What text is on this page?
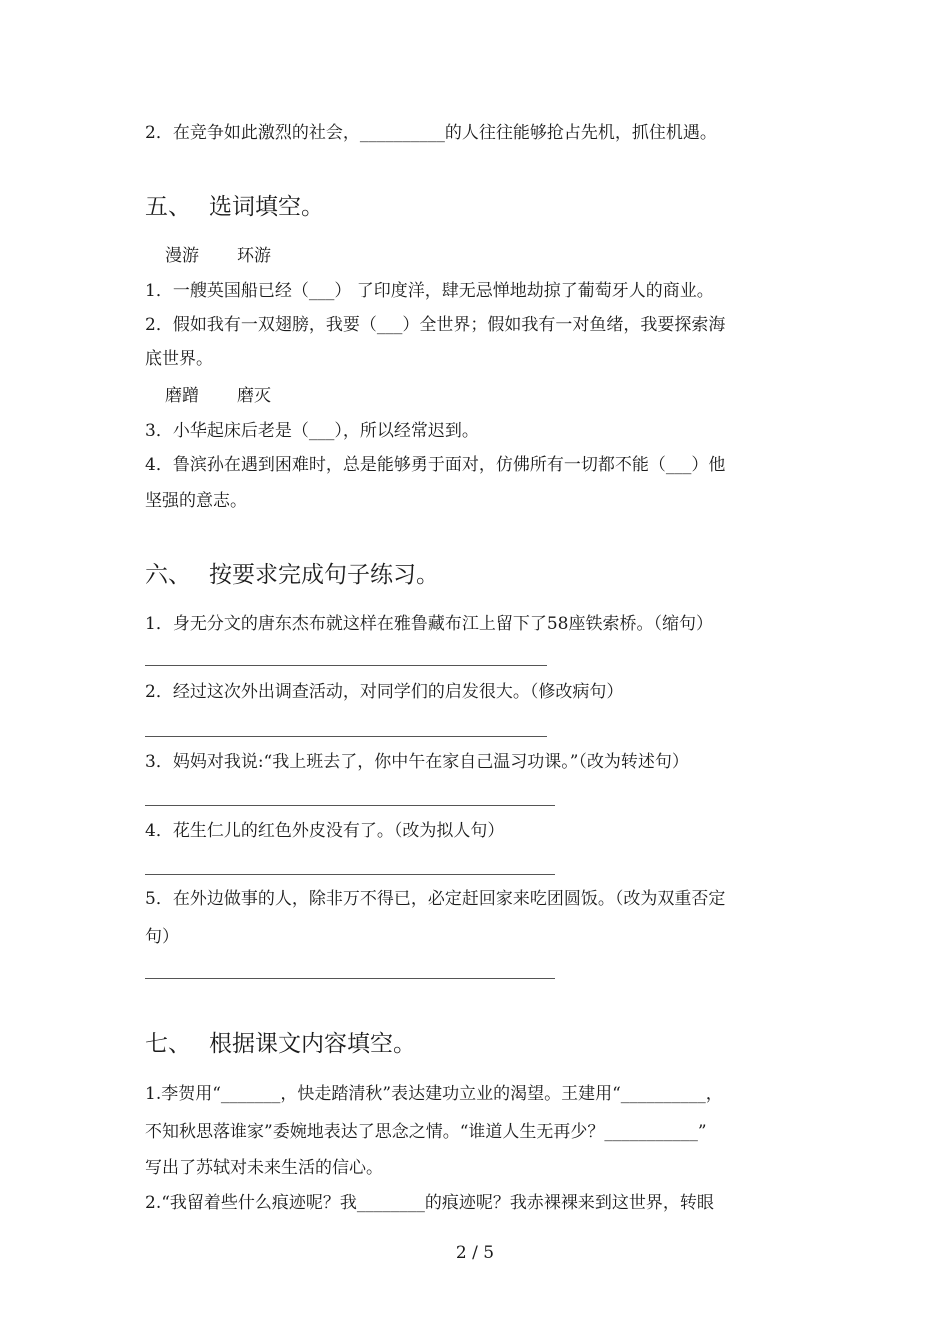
2．在竞争如此激烈的社会，__________的人往往能够抢占先机，抓住机遇。
五、 选词填空。
漫游 环游
1．一艘英国船已经（___） 了印度洋，肆无忌惮地劫掠了葡萄牙人的商业。
2．假如我有一双翅膀，我要（___）全世界；假如我有一对鱼绪，我要探索海
底世界。
磨蹭 磨灭
3．小华起床后老是（___），所以经常迟到。
4．鲁滨孙在遇到困难时，总是能够勇于面对，仿佛所有一切都不能（___）他
坚强的意志。
六、 按要求完成句子练习。
1．身无分文的唐东杰布就这样在雅鲁藏布江上留下了58座铁索桥。（缩句）
2．经过这次外出调查活动，对同学们的启发很大。（修改病句）
3．妈妈对我说:“我上班去了，你中午在家自己温习功课。”（改为转述句）
4．花生仁儿的红色外皮没有了。（改为拟人句）
5．在外边做事的人，除非万不得已，必定赶回家来吃团圆饭。（改为双重否定
句）
七、 根据课文内容填空。
1.李贺用“_______，快走踏清秋”表达建功立业的渴望。王建用“__________，
不知秋思落谁家”委婉地表达了思念之情。“谁道人生无再少？___________”
写出了苏轼对未来生活的信心。
2.“我留着些什么痕迹呢？我________的痕迹呢？我赤裸裸来到这世界，转眼
2 / 5
